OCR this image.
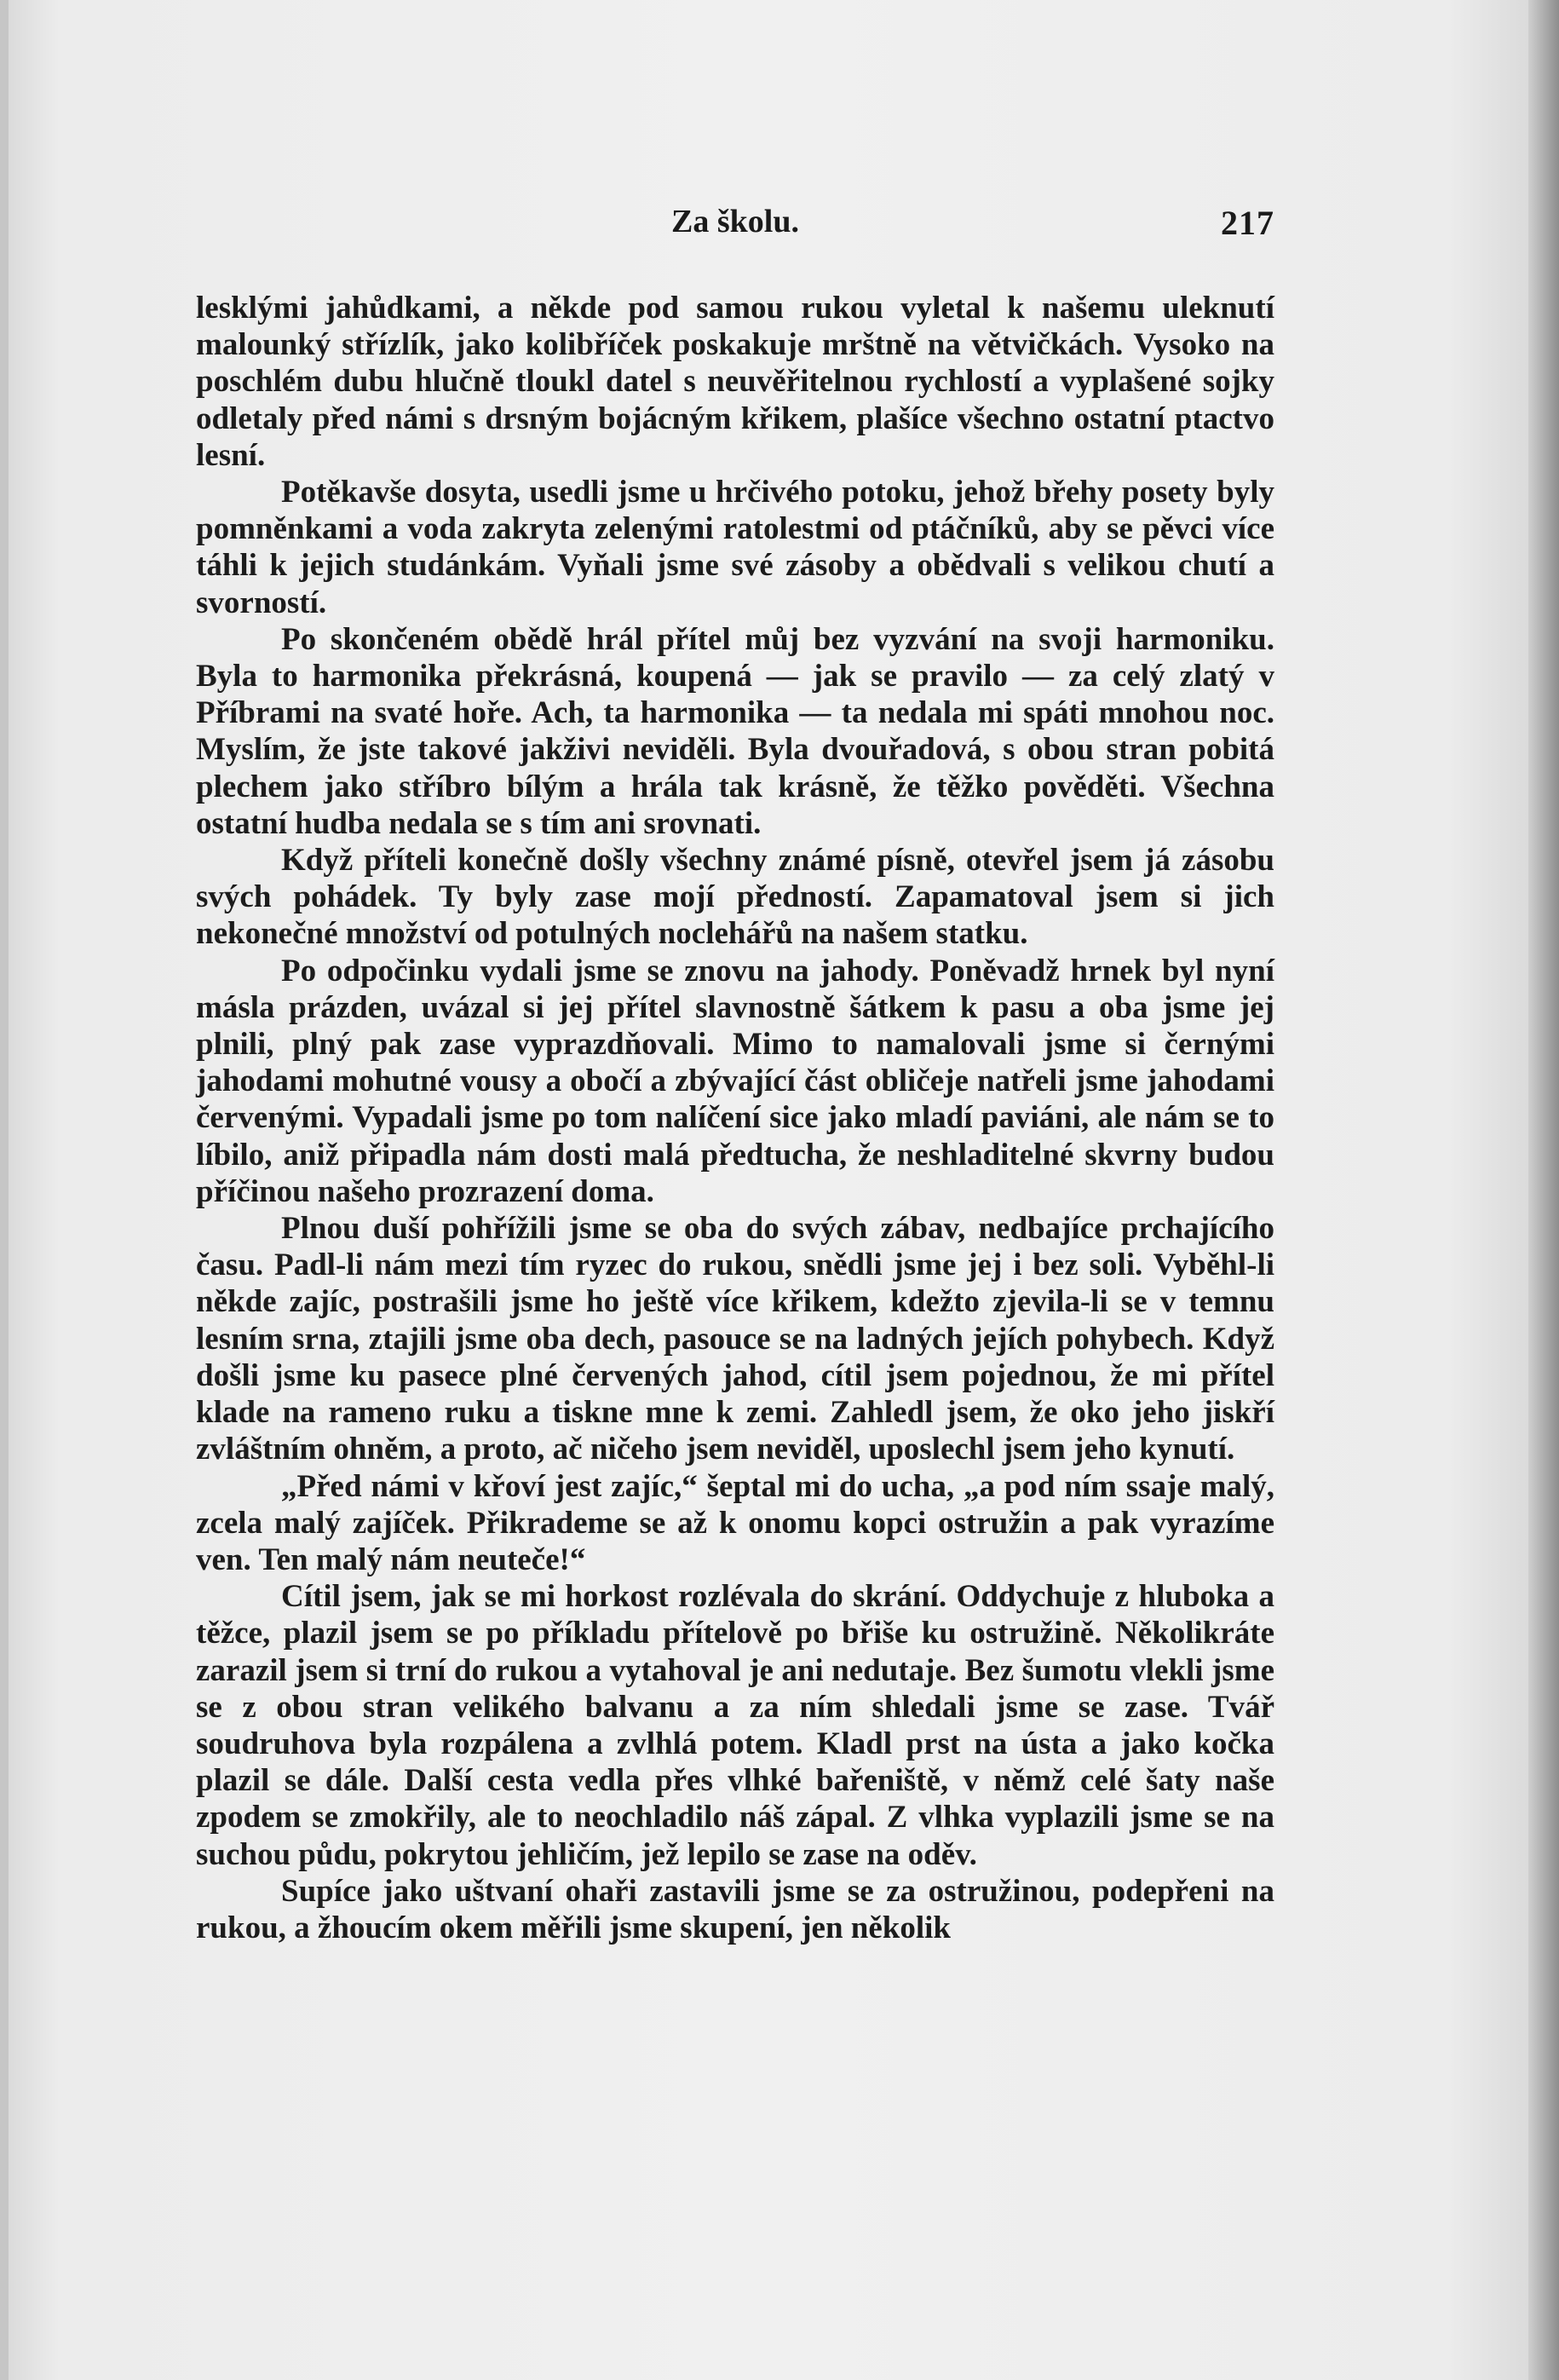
Za školu.	217

lesklými jahůdkami, a někde pod samou rukou vyletal k našemu uleknutí malounký střízlík, jako kolibříček poskakuje mrštně na větvičkách. Vysoko na poschlém dubu hlučně tloukl datel s neuvěřitelnou rychlostí a vyplašené sojky odletaly před námi s drsným bojácným křikem, plašíce všechno ostatní ptactvo lesní.

Potěkavše dosyta, usedli jsme u hrčivého potoku, jehož břehy posety byly pomněnkami a voda zakryta zelenými ratolestmi od ptáčníků, aby se pěvci více táhli k jejich studánkám. Vyňali jsme své zásoby a obědvali s velikou chutí a svorností.

Po skončeném obědě hrál přítel můj bez vyzvání na svoji harmoniku. Byla to harmonika překrásná, koupená — jak se pravilo — za celý zlatý v Příbrami na svaté hoře. Ach, ta harmonika — ta nedala mi spáti mnohou noc. Myslím, že jste takové jakživi neviděli. Byla dvouřadová, s obou stran pobitá plechem jako stříbro bílým a hrála tak krásně, že těžko pověděti. Všechna ostatní hudba nedala se s tím ani srovnati.

Když příteli konečně došly všechny známé písně, otevřel jsem já zásobu svých pohádek. Ty byly zase mojí předností. Zapamatoval jsem si jich nekonečné množství od potulných noclehářů na našem statku.

Po odpočinku vydali jsme se znovu na jahody. Poněvadž hrnek byl nyní másla prázden, uvázal si jej přítel slavnostně šátkem k pasu a oba jsme jej plnili, plný pak zase vyprazdňovali. Mimo to namalovali jsme si černými jahodami mohutné vousy a obočí a zbývající část obličeje natřeli jsme jahodami červenými. Vypadali jsme po tom nalíčení sice jako mladí paviáni, ale nám se to líbilo, aniž připadla nám dosti malá předtucha, že neshladitelné skvrny budou příčinou našeho prozrazení doma.

Plnou duší pohřížili jsme se oba do svých zábav, nedbajíce prchajícího času. Padl-li nám mezi tím ryzec do rukou, snědli jsme jej i bez soli. Vyběhl-li někde zajíc, postrašili jsme ho ještě více křikem, kdežto zjevila-li se v temnu lesním srna, ztajili jsme oba dech, pasouce se na ladných jejích pohybech. Když došli jsme ku pasece plné červených jahod, cítil jsem pojednou, že mi přítel klade na rameno ruku a tiskne mne k zemi. Zahledl jsem, že oko jeho jiskří zvláštním ohněm, a proto, ač ničeho jsem neviděl, uposlechl jsem jeho kynutí.

„Před námi v křoví jest zajíc,“ šeptal mi do ucha, „a pod ním ssaje malý, zcela malý zajíček. Přikrademe se až k onomu kopci ostružin a pak vyrazíme ven. Ten malý nám neuteče!“

Cítil jsem, jak se mi horkost rozlévala do skrání. Oddychuje z hluboka a těžce, plazil jsem se po příkladu přítelově po břiše ku ostružině. Několikráte zarazil jsem si trní do rukou a vytahoval je ani nedutaje. Bez šumotu vlekli jsme se z obou stran velikého balvanu a za ním shledali jsme se zase. Tvář soudruhova byla rozpálena a zvlhlá potem. Kladl prst na ústa a jako kočka plazil se dále. Další cesta vedla přes vlhké bařeniště, v němž celé šaty naše zpodem se zmokřily, ale to neochladilo náš zápal. Z vlhka vyplazili jsme se na suchou půdu, pokrytou jehličím, jež lepilo se zase na oděv.

Supíce jako uštvaní ohaři zastavili jsme se za ostružinou, podepřeni na rukou, a žhoucím okem měřili jsme skupení, jen několik
